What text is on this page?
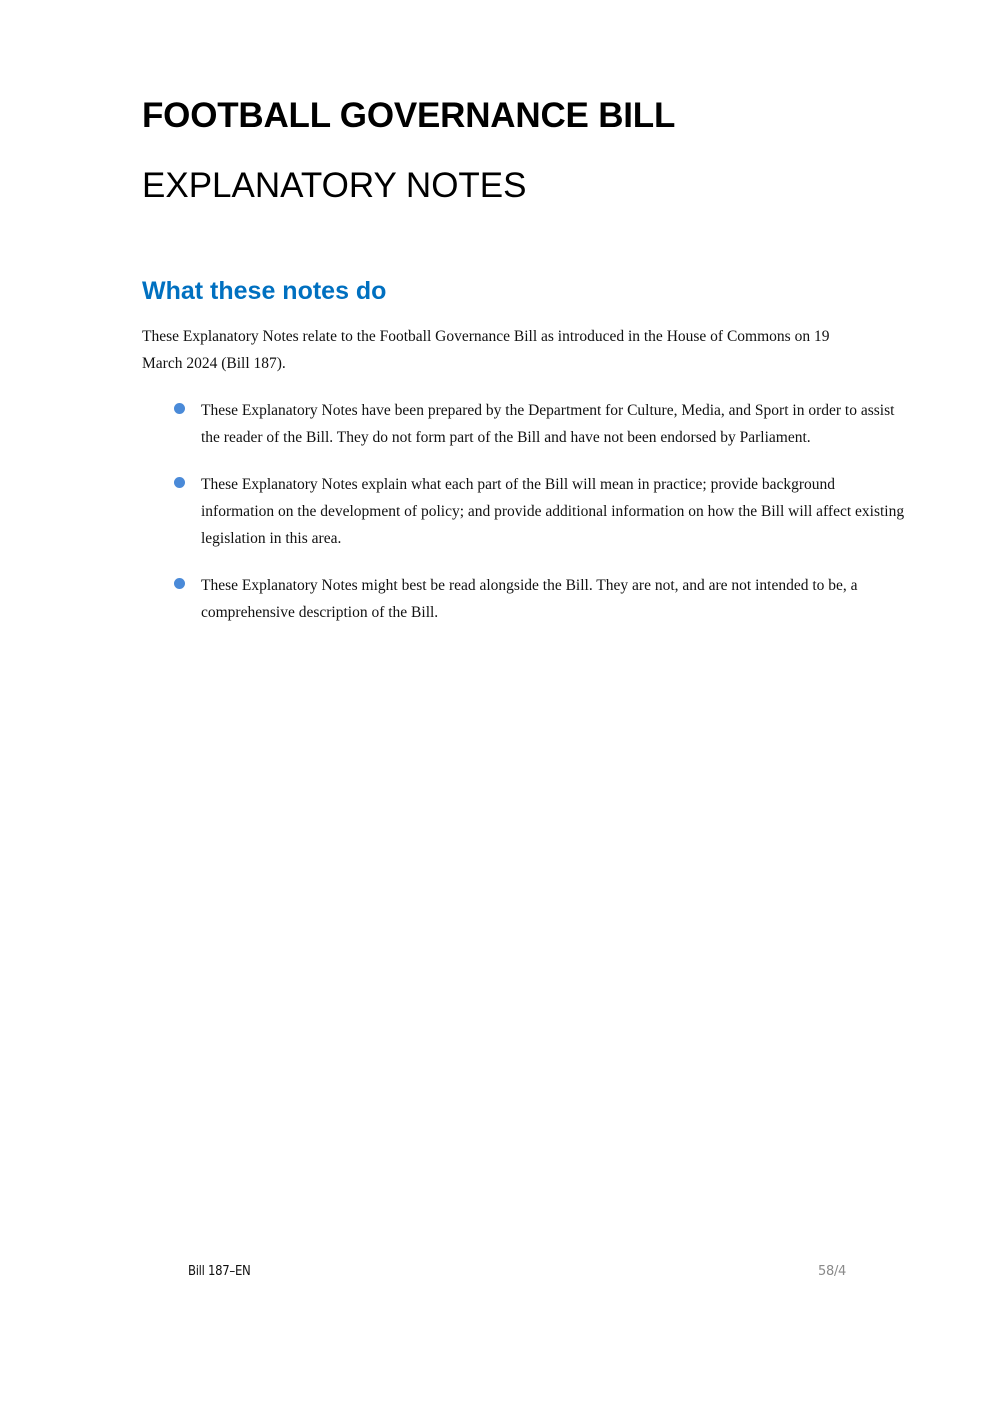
FOOTBALL GOVERNANCE BILL
EXPLANATORY NOTES
What these notes do

These Explanatory Notes relate to the Football Governance Bill as introduced in the House of Commons on 19 March 2024 (Bill 187).

These Explanatory Notes have been prepared by the Department for Culture, Media, and Sport in order to assist the reader of the Bill. They do not form part of the Bill and have not been endorsed by Parliament.
These Explanatory Notes explain what each part of the Bill will mean in practice; provide background information on the development of policy; and provide additional information on how the Bill will affect existing legislation in this area.
These Explanatory Notes might best be read alongside the Bill. They are not, and are not intended to be, a comprehensive description of the Bill.
Bill 187–EN	58/4
